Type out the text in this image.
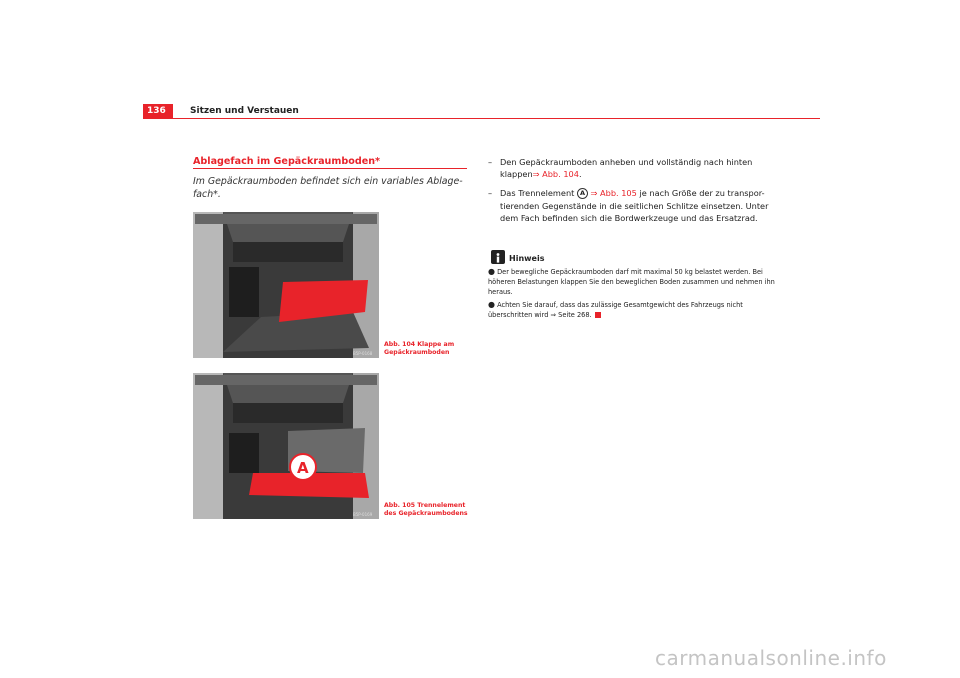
136	Sitzen und Verstauen
Ablagefach im Gepäckraumboden*
Im Gepäckraumboden befindet sich ein variables Ablage-fach*.
B5P-0168
Abb. 104 Klappe am Gepäckraumboden
A
B5P-0169
Abb. 105 Trennelement des Gepäckraumbodens
– Den Gepäckraumboden anheben und vollständig nach hinten klappen⇒ Abb. 104.
– Das Trennelement A ⇒ Abb. 105 je nach Größe der zu transpor-tierenden Gegenstände in die seitlichen Schlitze einsetzen. Unter dem Fach befinden sich die Bordwerkzeuge und das Ersatzrad.
Hinweis

● Der bewegliche Gepäckraumboden darf mit maximal 50 kg belastet werden. Bei höheren Belastungen klappen Sie den beweglichen Boden zusammen und nehmen ihn heraus.

● Achten Sie darauf, dass das zulässige Gesamtgewicht des Fahrzeugs nicht überschritten wird ⇒ Seite 268.

carmanualsonline.info
